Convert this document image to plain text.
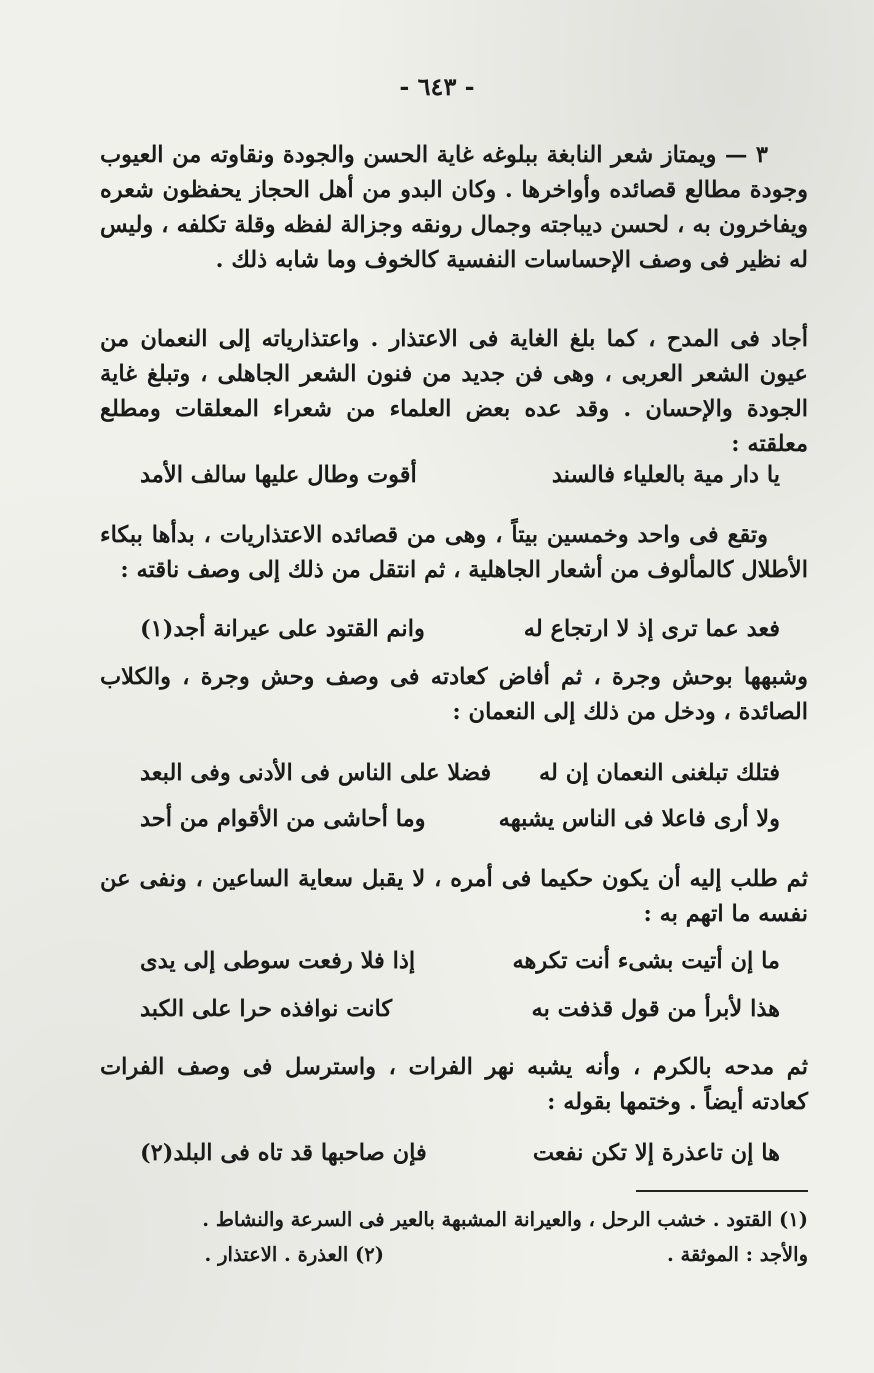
- ٦٤٣ -
٣ — ويمتاز شعر النابغة ببلوغه غاية الحسن والجودة ونقاوته من العيوب وجودة مطالع قصائده وأواخرها . وكان البدو من أهل الحجاز يحفظون شعره ويفاخرون به ، لحسن ديباجته وجمال رونقه وجزالة لفظه وقلة تكلفه ، وليس له نظير فى وصف الإحساسات النفسية كالخوف وما شابه ذلك .
أجاد فى المدح ، كما بلغ الغاية فى الاعتذار . واعتذارياته إلى النعمان من عيون الشعر العربى ، وهى فن جديد من فنون الشعر الجاهلى ، وتبلغ غاية الجودة والإحسان . وقد عده بعض العلماء من شعراء المعلقات ومطلع معلقته :
يا دار مية بالعلياء فالسند
أقوت وطال عليها سالف الأمد
وتقع فى واحد وخمسين بيتاً ، وهى من قصائده الاعتذاريات ، بدأها ببكاء الأطلال كالمألوف من أشعار الجاهلية ، ثم انتقل من ذلك إلى وصف ناقته :
فعد عما ترى إذ لا ارتجاع له
وانم القتود على عيرانة أجد(١)
وشبهها بوحش وجرة ، ثم أفاض كعادته فى وصف وحش وجرة ، والكلاب الصائدة ، ودخل من ذلك إلى النعمان :
فتلك تبلغنى النعمان إن له
فضلا على الناس فى الأدنى وفى البعد
ولا أرى فاعلا فى الناس يشبهه
وما أحاشى من الأقوام من أحد
ثم طلب إليه أن يكون حكيما فى أمره ، لا يقبل سعاية الساعين ، ونفى عن نفسه ما اتهم به :
ما إن أتيت بشىء أنت تكرهه
إذا فلا رفعت سوطى إلى يدى
هذا لأبرأ من قول قذفت به
كانت نوافذه حرا على الكبد
ثم مدحه بالكرم ، وأنه يشبه نهر الفرات ، واسترسل فى وصف الفرات كعادته أيضاً . وختمها بقوله :
ها إن تاعذرة إلا تكن نفعت
فإن صاحبها قد تاه فى البلد(٢)
(١) القتود . خشب الرحل ، والعيرانة المشبهة بالعير فى السرعة والنشاط .
والأجد : الموثقة .
(٢) العذرة . الاعتذار .
